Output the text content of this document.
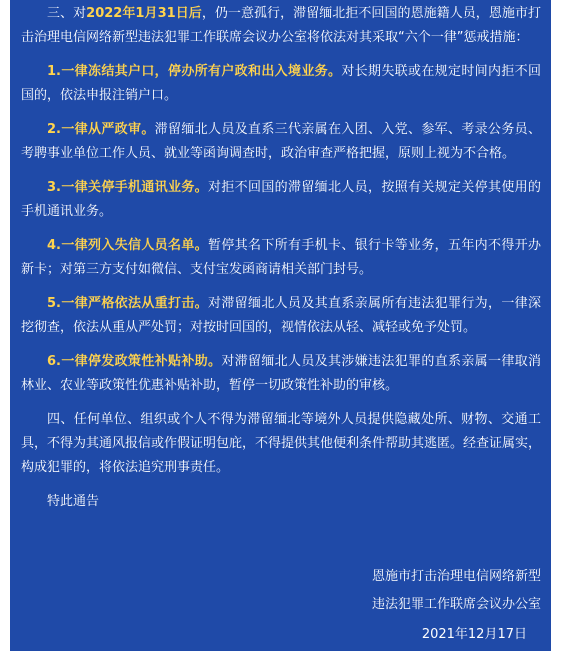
三、对2022年1月31日后，仍一意孤行，滞留缅北拒不回国的恩施籍人员，恩施市打击治理电信网络新型违法犯罪工作联席会议办公室将依法对其采取“六个一律”惩戒措施：

1.一律冻结其户口，停办所有户政和出入境业务。对长期失联或在规定时间内拒不回国的，依法申报注销户口。

2.一律从严政审。滞留缅北人员及直系三代亲属在入团、入党、参军、考录公务员、考聘事业单位工作人员、就业等函询调查时，政治审查严格把握，原则上视为不合格。

3.一律关停手机通讯业务。对拒不回国的滞留缅北人员，按照有关规定关停其使用的手机通讯业务。

4.一律列入失信人员名单。暂停其名下所有手机卡、银行卡等业务，五年内不得开办新卡；对第三方支付如微信、支付宝发函商请相关部门封号。

5.一律严格依法从重打击。对滞留缅北人员及其直系亲属所有违法犯罪行为，一律深挖彻查，依法从重从严处罚；对按时回国的，视情依法从轻、减轻或免予处罚。

6.一律停发政策性补贴补助。对滞留缅北人员及其涉嫌违法犯罪的直系亲属一律取消林业、农业等政策性优惠补贴补助，暂停一切政策性补助的审核。

四、任何单位、组织或个人不得为滞留缅北等境外人员提供隐藏处所、财物、交通工具，不得为其通风报信或作假证明包庇，不得提供其他便利条件帮助其逃匿。经查证属实，构成犯罪的，将依法追究刑事责任。

特此通告

恩施市打击治理电信网络新型
违法犯罪工作联席会议办公室
2021年12月17日
